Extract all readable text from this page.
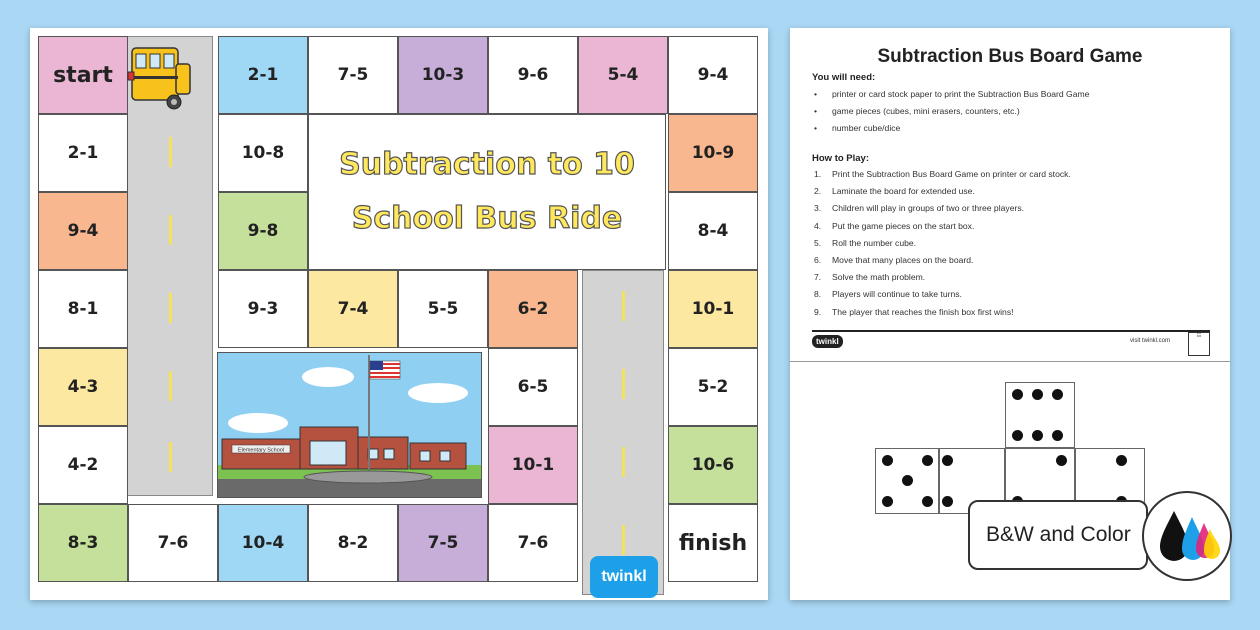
start
2-1
9-4
8-1
4-3
4-2
8-3	7-6	10-4	8-2	7-5	7-6	finish
10-6
5-2
10-1
8-4
10-9
9-4
5-4
9-6
10-3
7-5
2-1
10-8
9-8
9-3	7-4	5-5	6-2
6-5
10-1
Subtraction to 10
School Bus Ride
Elementary School
twinkl
Subtraction Bus Board Game
You will need:
• printer or card stock paper to print the Subtraction Bus Board Game
• game pieces (cubes, mini erasers, counters, etc.)
• number cube/dice
How to Play:
1. Print the Subtraction Bus Board Game on printer or card stock.
2. Laminate the board for extended use.
3. Children will play in groups of two or three players.
4. Put the game pieces on the start box.
5. Roll the number cube.
6. Move that many places on the board.
7. Solve the math problem.
8. Players will continue to take turns.
9. The player that reaches the finish box first wins!
twinkl	visit twinkl.com
☷
B&W and Color
